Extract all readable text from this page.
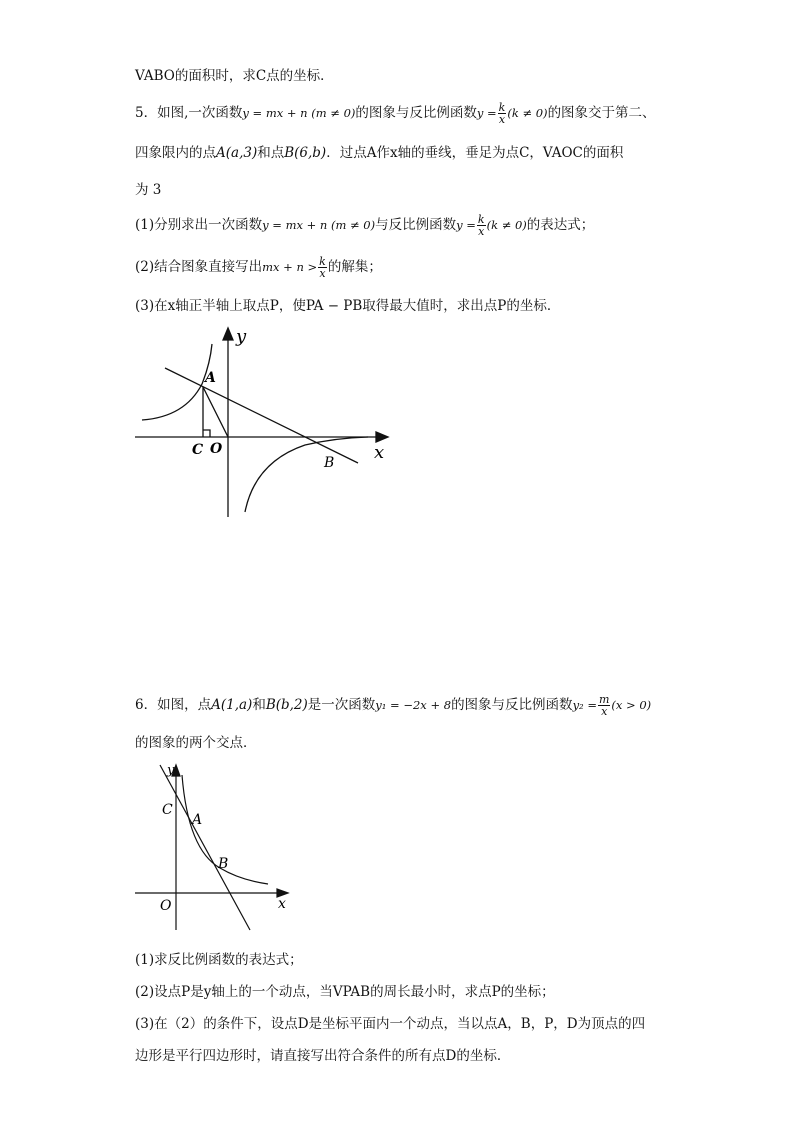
VABO的面积时，求C点的坐标．
5．如图,一次函数y = mx + n (m ≠ 0)的图象与反比例函数$y = \frac{k}{x} (k \ne 0)$的图象交于第二、
四象限内的点A(a,3)和点B(6,b)．过点A作x轴的垂线，垂足为点C，VAOC的面积
为 3
(1)分别求出一次函数y = mx + n (m ≠ 0)与反比例函数$y = \frac{k}{x} (k \ne 0)$的表达式；
(2)结合图象直接写出mx + $n > \frac{k}{x}$ 的解集；
(3)在x轴正半轴上取点P，使PA − PB取得最大值时，求出点P的坐标．
A
C O
B x
y
6．如图，点A(1,a)和B(b,2)是一次函数y₁ = −2x + 8的图象与反比例函数$y_2 = \frac{m}{x} (x > 0)$
的图象的两个交点．
C
A
B
O	x
y
(1)求反比例函数的表达式；
(2)设点P是y轴上的一个动点，当VPAB的周长最小时，求点P的坐标；
(3)在（2）的条件下，设点D是坐标平面内一个动点，当以点A，B，P，D为顶点的四
边形是平行四边形时，请直接写出符合条件的所有点D的坐标．
